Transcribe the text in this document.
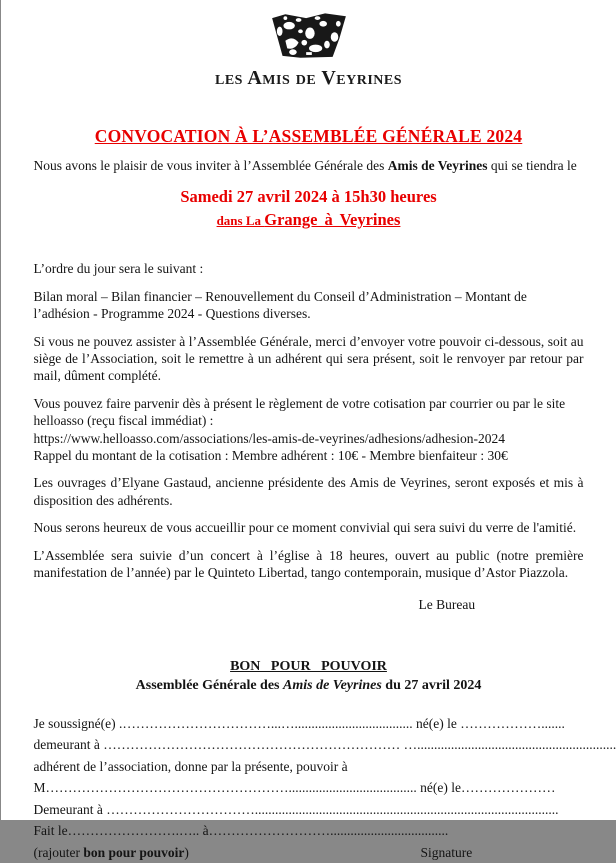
les Amis de Veyrines
CONVOCATION À L’ASSEMBLÉE GÉNÉRALE 2024

Nous avons le plaisir de vous inviter à l’Assemblée Générale des Amis de Veyrines qui se tiendra le

Samedi 27 avril 2024 à 15h30 heures
dans La Grange à Veyrines

L’ordre du jour sera le suivant :

Bilan moral – Bilan financier – Renouvellement du Conseil d’Administration – Montant de l’adhésion - Programme 2024 - Questions diverses.

Si vous ne pouvez assister à l’Assemblée Générale, merci d’envoyer votre pouvoir ci-dessous, soit au siège de l’Association, soit le remettre à un adhérent qui sera présent, soit le renvoyer par retour par mail, dûment complété.

Vous pouvez faire parvenir dès à présent le règlement de votre cotisation par courrier ou par le site helloasso (reçu fiscal immédiat) :
https://www.helloasso.com/associations/les-amis-de-veyrines/adhesions/adhesion-2024
Rappel du montant de la cotisation : Membre adhérent : 10€ - Membre bienfaiteur : 30€

Les ouvrages d’Elyane Gastaud, ancienne présidente des Amis de Veyrines, seront exposés et mis à disposition des adhérents.

Nous serons heureux de vous accueillir pour ce moment convivial qui sera suivi du verre de l'amitié.

L’Assemblée sera suivie d’un concert à l’église à 18 heures, ouvert au public (notre première manifestation de l’année) par le Quinteto Libertad, tango contemporain, musique d’Astor Piazzola.

Le Bureau
BON POUR POUVOIR
Assemblée Générale des Amis de Veyrines du 27 avril 2024
Je soussigné(e) .……………………………...…................................... né(e) le ……………….......
demeurant à ………………………………………………………… …...........................................................
adhérent de l’association, donne par la présente, pouvoir à
M………………………………………………...................................... né(e) le…………………
Demeurant à ……………………………..........................................................................................
Fait le…………………….….. à………………………...................................
(rajouter bon pour pouvoir)	Signature
